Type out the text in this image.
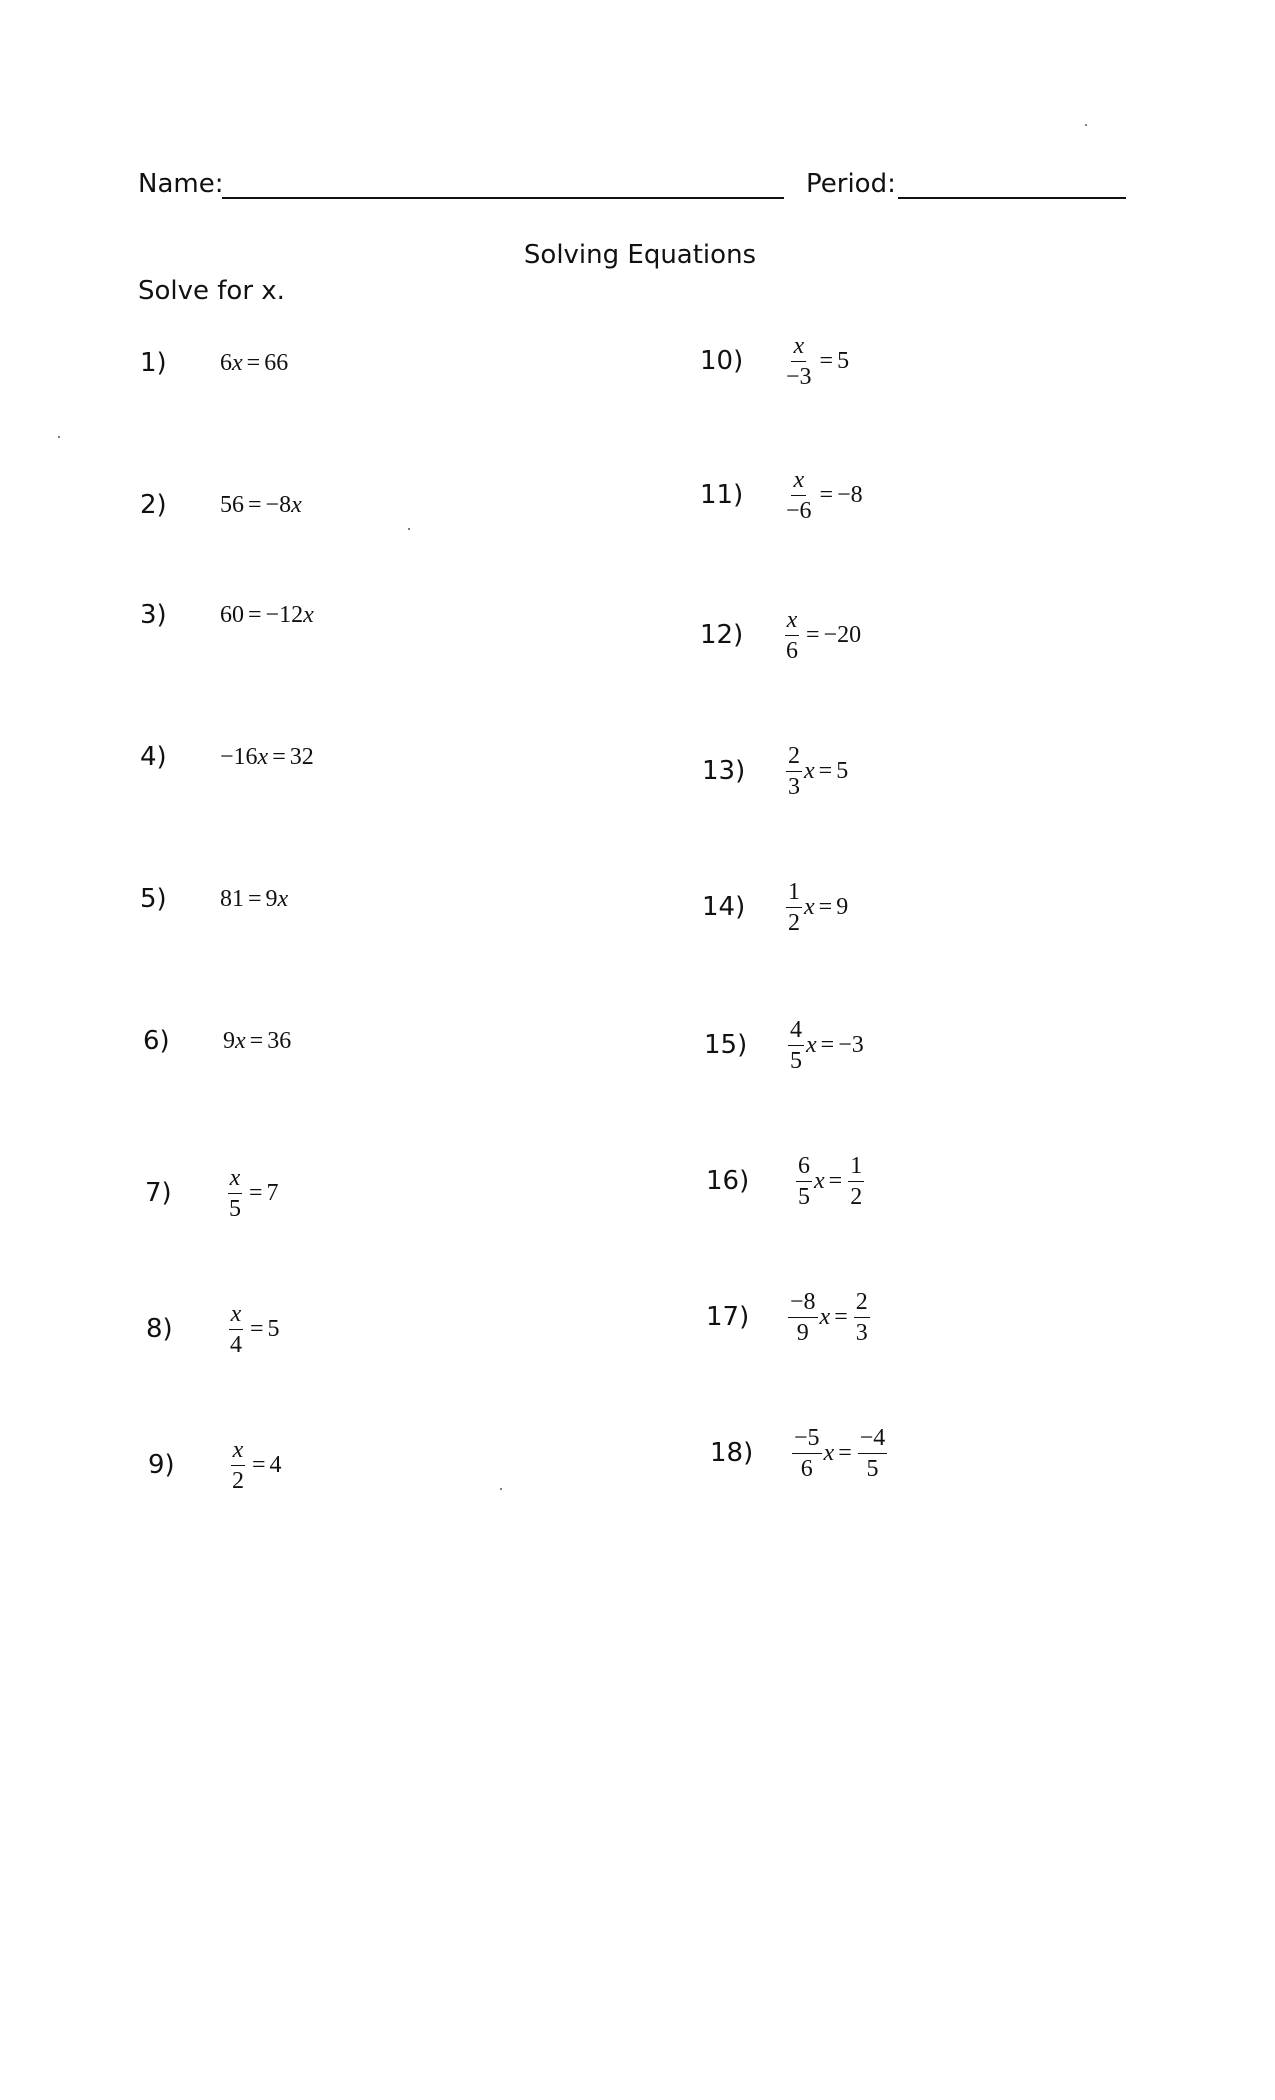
Name:	Period:
Solving Equations
Solve for x.
1)	6 x = 66
2)	56 = −8 x
3)	60 = −12 x
4)	−16 x = 32
5)	81 = 9 x
6)	9 x = 36
7)	$\frac{x}{5} = 7$
8)	$\frac{x}{4} = 5$
9)	$\frac{x}{2} = 4$
10)	$\frac{x}{-3} = 5$
11)	$\frac{x}{-6} = -8$
12)	$\frac{x}{6} = -20$
13)	$\frac{2}{3}$ x = 5
14)	$\frac{1}{2}$ x = 9
15)	$\frac{4}{5}$ x = −3
16)	$\frac{6}{5}$ $x = \frac{1}{2}$
17)	$\frac{-8}{9}$ $x = \frac{2}{3}$
18)	$\frac{-5}{6}$ $x = \frac{-4}{5}$
